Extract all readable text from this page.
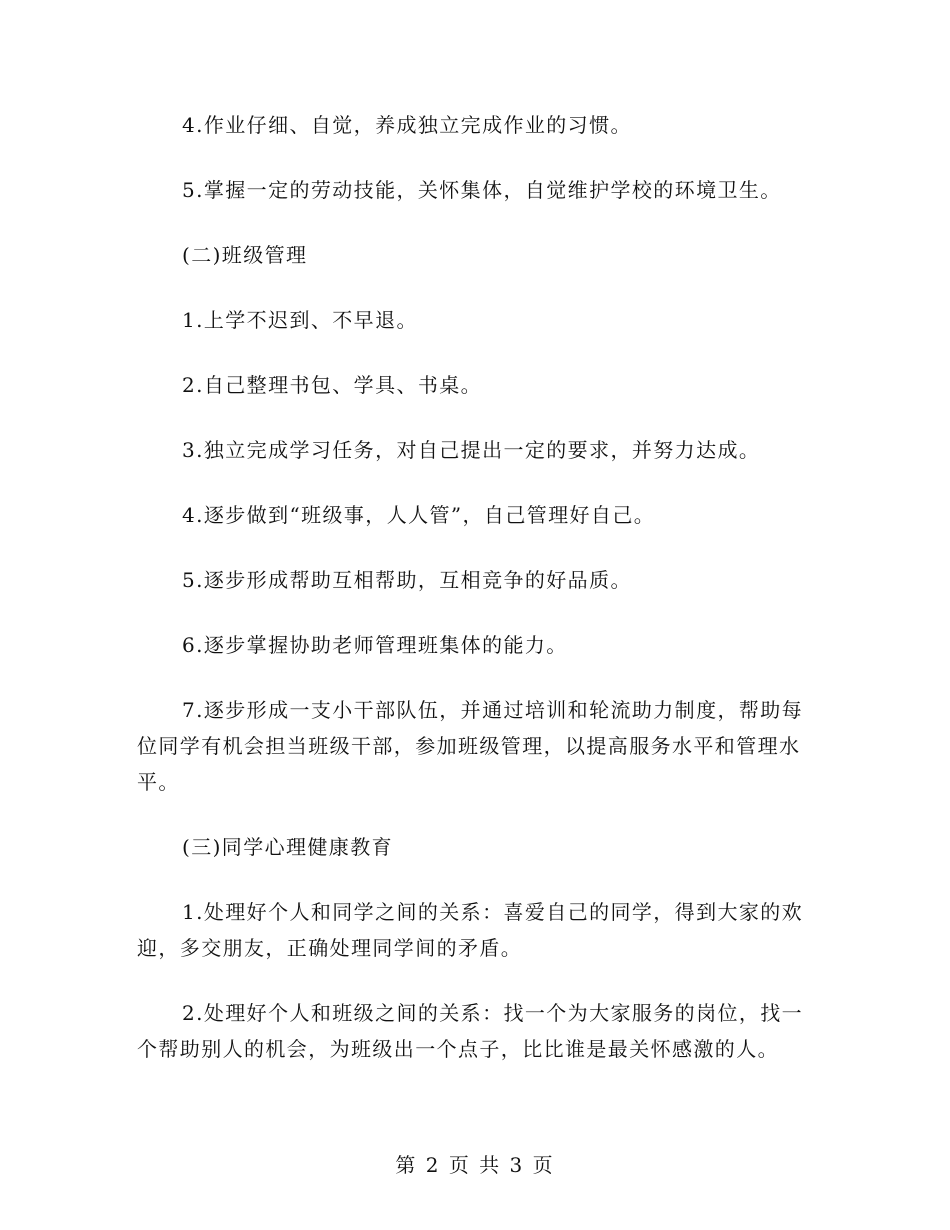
4.作业仔细、自觉，养成独立完成作业的习惯。

5.掌握一定的劳动技能，关怀集体，自觉维护学校的环境卫生。

(二)班级管理

1.上学不迟到、不早退。

2.自己整理书包、学具、书桌。

3.独立完成学习任务，对自己提出一定的要求，并努力达成。

4.逐步做到“班级事，人人管”，自己管理好自己。

5.逐步形成帮助互相帮助，互相竞争的好品质。

6.逐步掌握协助老师管理班集体的能力。

7.逐步形成一支小干部队伍，并通过培训和轮流助力制度，帮助每位同学有机会担当班级干部，参加班级管理，以提高服务水平和管理水平。

(三)同学心理健康教育

1.处理好个人和同学之间的关系：喜爱自己的同学，得到大家的欢迎，多交朋友，正确处理同学间的矛盾。

2.处理好个人和班级之间的关系：找一个为大家服务的岗位，找一个帮助别人的机会，为班级出一个点子，比比谁是最关怀感激的人。

第 2 页 共 3 页
